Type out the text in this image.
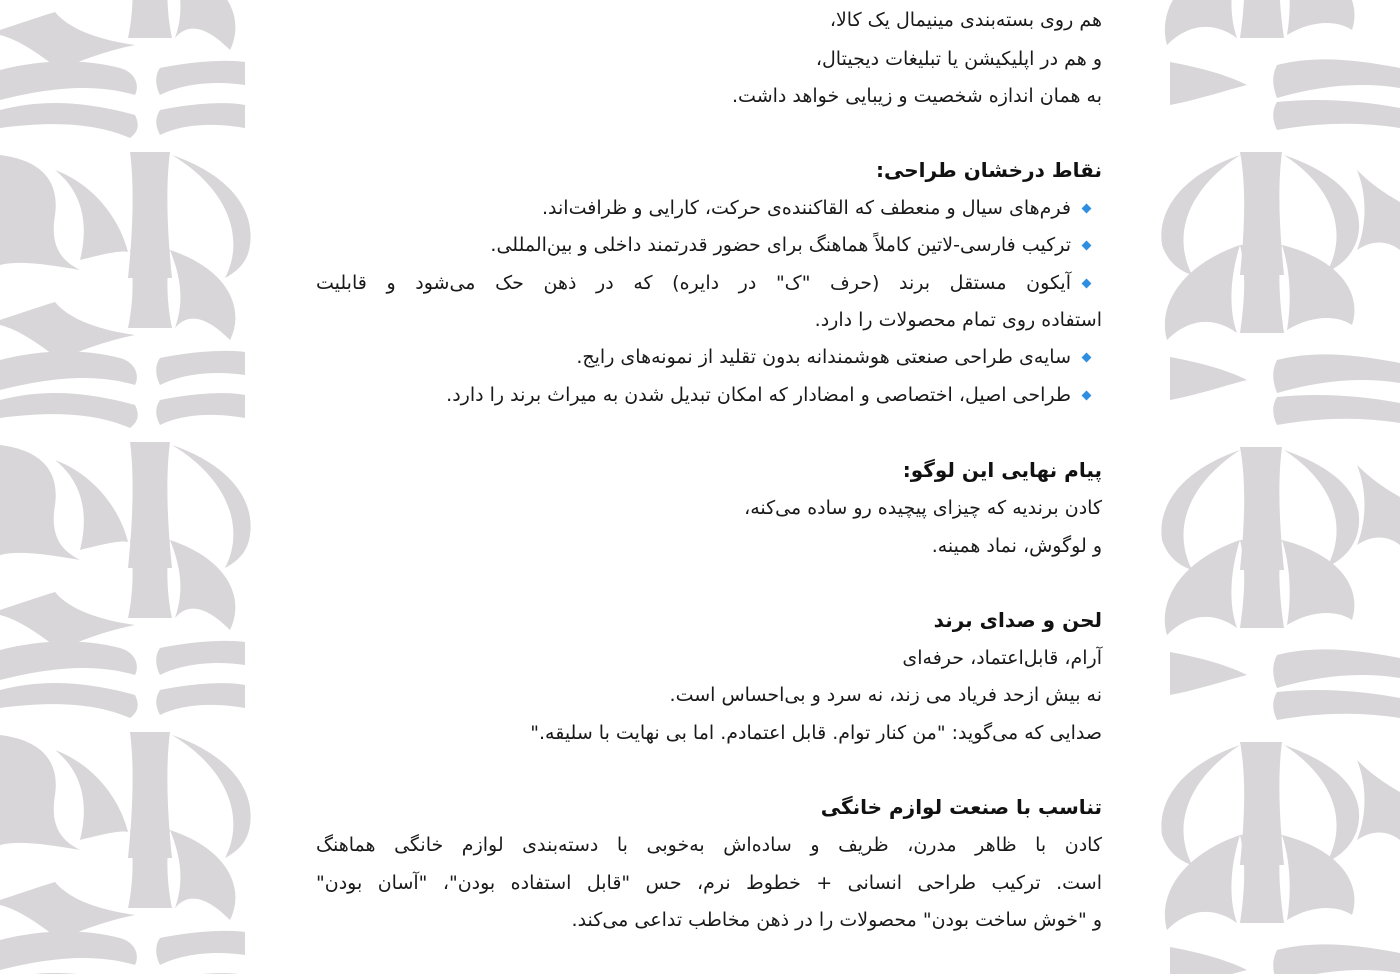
هم روی بسته‌بندی مینیمال یک کالا،
و هم در اپلیکیشن یا تبلیغات دیجیتال،
به همان اندازه شخصیت و زیبایی خواهد داشت.
نقاط درخشان طراحی:
فرم‌های سیال و منعطف که القاکننده‌ی حرکت، کارایی و ظرافت‌اند.
ترکیب فارسی-لاتین کاملاً هماهنگ برای حضور قدرتمند داخلی و بین‌المللی.
آیکون مستقل برند (حرف "ک" در دایره) که در ذهن حک می‌شود و قابلیت
استفاده روی تمام محصولات را دارد.
سایه‌ی طراحی صنعتی هوشمندانه بدون تقلید از نمونه‌های رایج.
طراحی اصیل، اختصاصی و امضادار که امکان تبدیل شدن به میراث برند را دارد.
پیام نهایی این لوگو:
کادن برندیه که چیزای پیچیده رو ساده می‌کنه،
و لوگوش، نماد همینه.
لحن و صدای برند
آرام، قابل‌اعتماد، حرفه‌ای
نه بیش ازحد فریاد می زند، نه سرد و بی‌احساس است.
صدایی که می‌گوید: "من کنار توام. قابل اعتمادم. اما بی نهایت با سلیقه."
تناسب با صنعت لوازم خانگی
کادن با ظاهر مدرن، ظریف و ساده‌اش به‌خوبی با دسته‌بندی لوازم خانگی هماهنگ
است. ترکیب طراحی انسانی + خطوط نرم، حس "قابل استفاده بودن"، "آسان بودن"
و "خوش ساخت بودن" محصولات را در ذهن مخاطب تداعی می‌کند.
